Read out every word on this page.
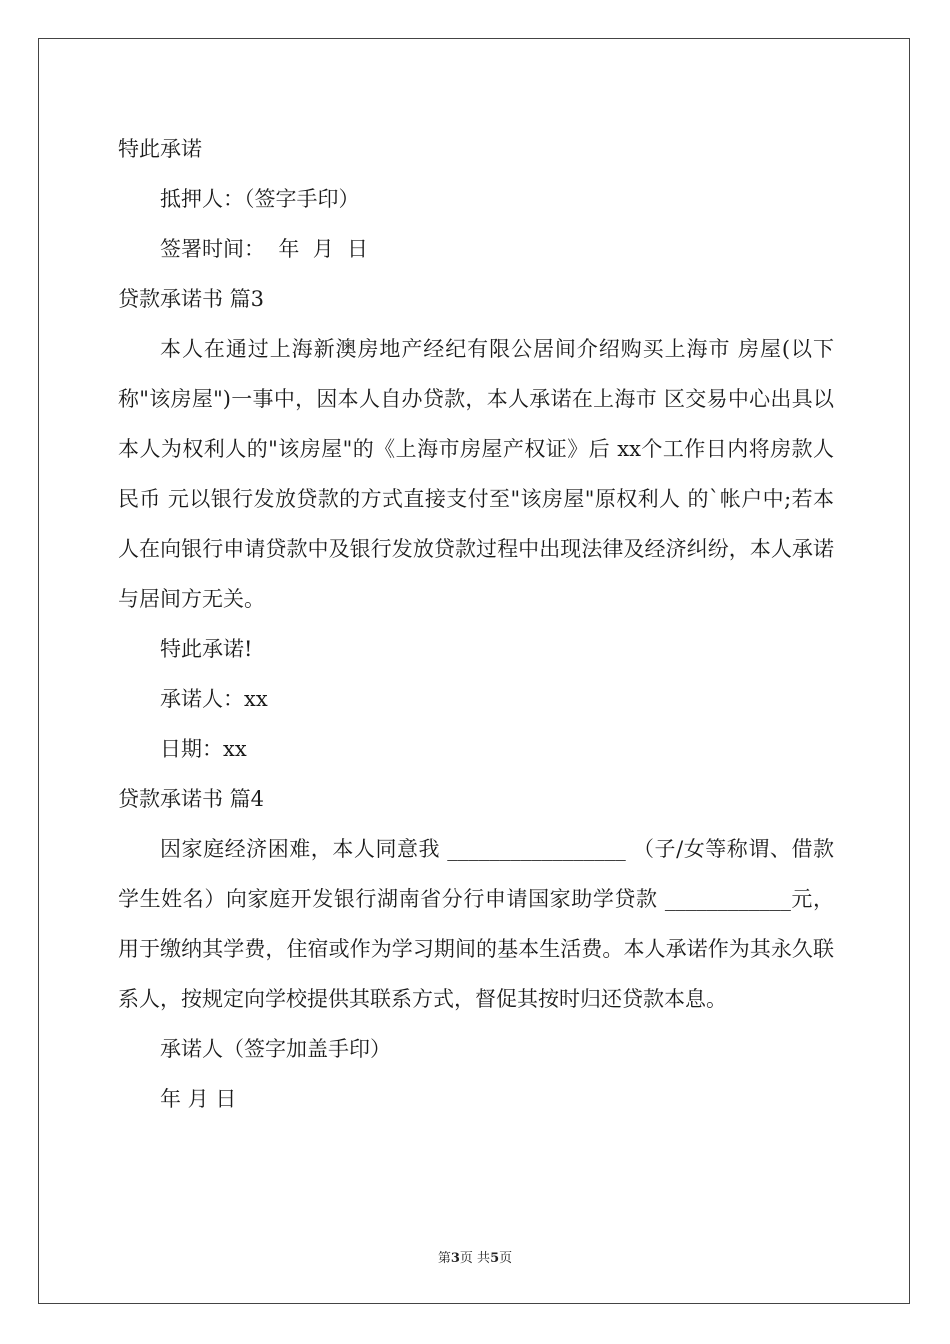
特此承诺

抵押人：（签字手印）

签署时间：  年  月  日

贷款承诺书 篇3

本人在通过上海新澳房地产经纪有限公居间介绍购买上海市 房屋(以下称"该房屋")一事中，因本人自办贷款，本人承诺在上海市 区交易中心出具以本人为权利人的"该房屋"的《上海市房屋产权证》后 xx个工作日内将房款人民币 元以银行发放贷款的方式直接支付至"该房屋"原权利人 的`帐户中;若本人在向银行申请贷款中及银行发放贷款过程中出现法律及经济纠纷，本人承诺与居间方无关。

特此承诺!

承诺人：xx

日期：xx

贷款承诺书 篇4

因家庭经济困难，本人同意我 _________________ （子/女等称谓、借款学生姓名）向家庭开发银行湖南省分行申请国家助学贷款 ____________元，用于缴纳其学费，住宿或作为学习期间的基本生活费。本人承诺作为其永久联系人，按规定向学校提供其联系方式，督促其按时归还贷款本息。

承诺人（签字加盖手印）

年 月 日

第3页 共5页
